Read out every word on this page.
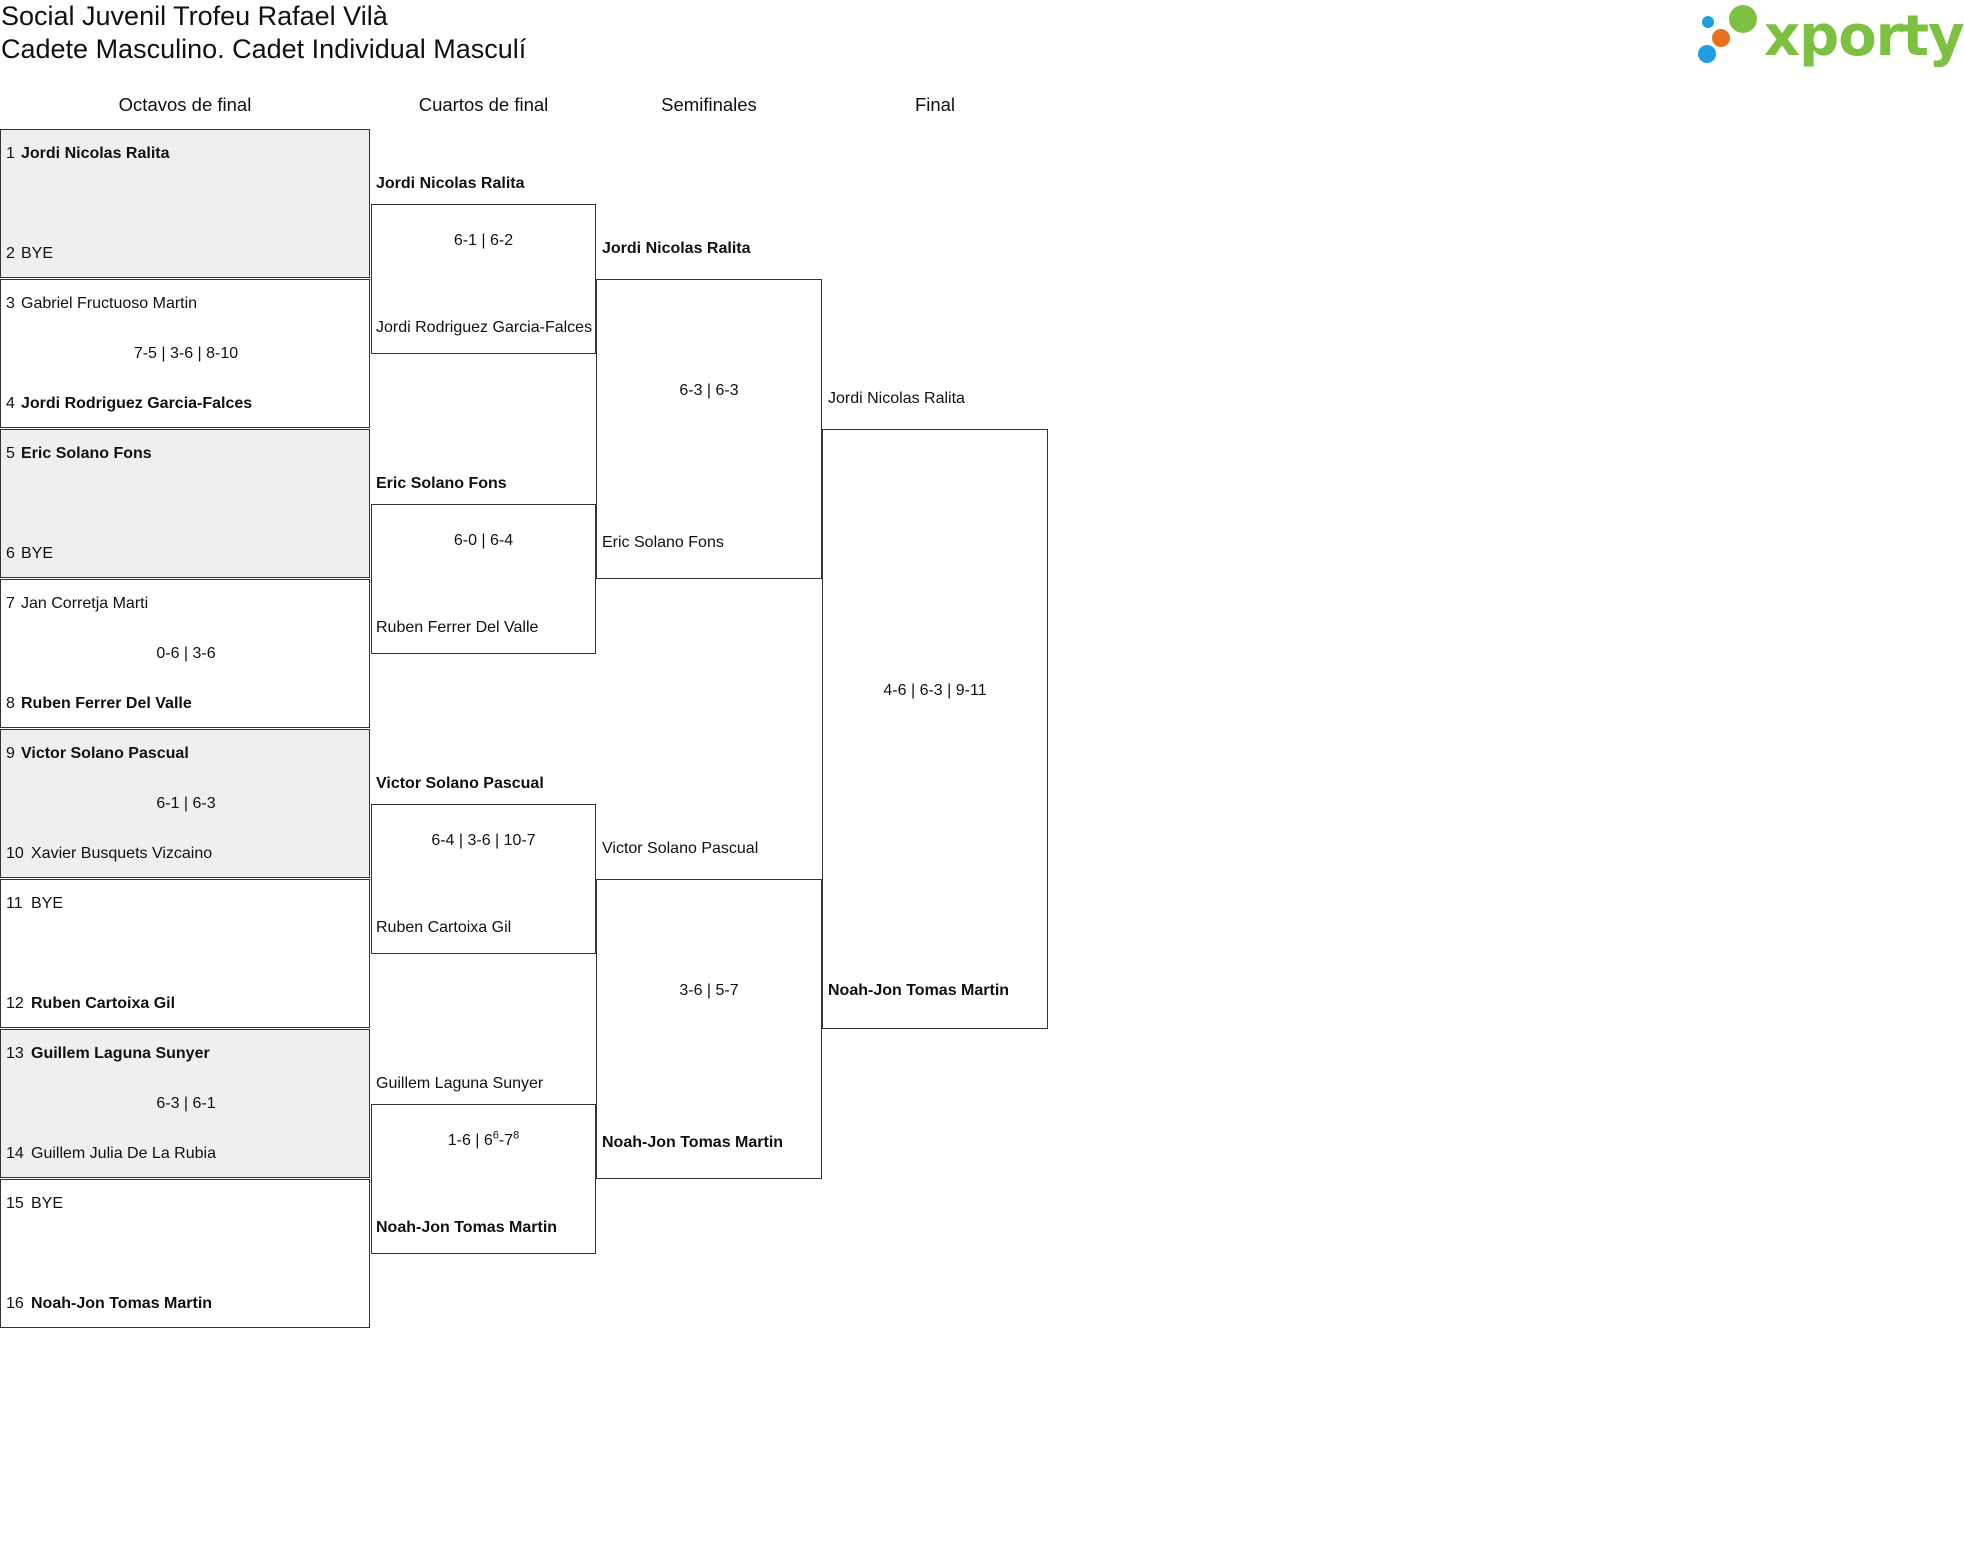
Social Juvenil Trofeu Rafael Vilà
Cadete Masculino. Cadet Individual Masculí	xporty
Octavos de final	Cuartos de final	Semifinales	Final
1 Jordi Nicolas Ralita
2 BYE
3 Gabriel Fructuoso Martin
4 Jordi Rodriguez Garcia-Falces
7-5 | 3-6 | 8-10
5 Eric Solano Fons
6 BYE
7 Jan Corretja Marti
8 Ruben Ferrer Del Valle
0-6 | 3-6
9 Victor Solano Pascual
10 Xavier Busquets Vizcaino
6-1 | 6-3
11 BYE
12 Ruben Cartoixa Gil
13 Guillem Laguna Sunyer
14 Guillem Julia De La Rubia
6-3 | 6-1
15 BYE
16 Noah-Jon Tomas Martin
Jordi Nicolas Ralita
Jordi Rodriguez Garcia-Falces
6-1 | 6-2
Eric Solano Fons
Ruben Ferrer Del Valle
6-0 | 6-4
Victor Solano Pascual
Ruben Cartoixa Gil
6-4 | 3-6 | 10-7
Guillem Laguna Sunyer
Noah-Jon Tomas Martin
1-6 | $6^6-7^8$
Jordi Nicolas Ralita
Eric Solano Fons
6-3 | 6-3
Victor Solano Pascual
Noah-Jon Tomas Martin
3-6 | 5-7
Jordi Nicolas Ralita
Noah-Jon Tomas Martin
4-6 | 6-3 | 9-11
